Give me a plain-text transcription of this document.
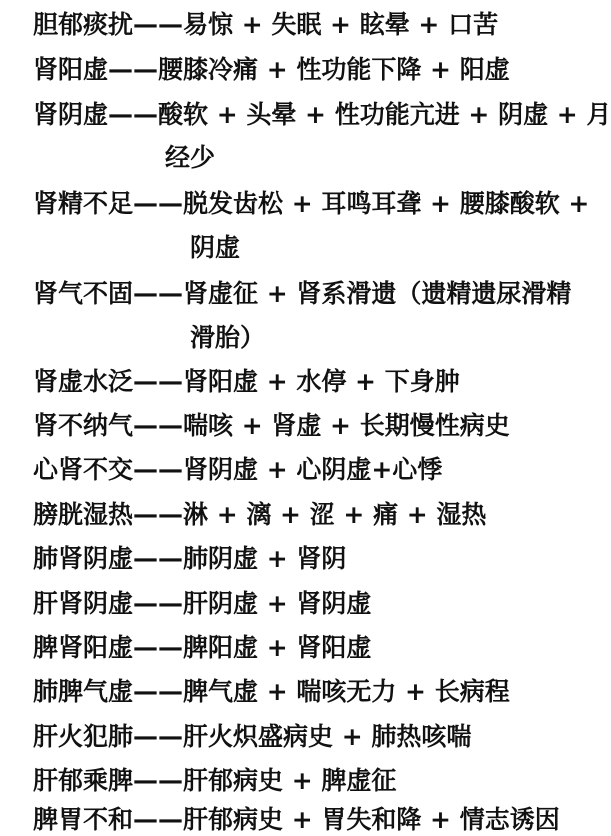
胆郁痰扰——易惊 + 失眠 + 眩晕 + 口苦
肾阳虚——腰膝冷痛 + 性功能下降 + 阳虚
肾阴虚——酸软 + 头晕 + 性功能亢进 + 阴虚 + 月
经少
肾精不足——脱发齿松 + 耳鸣耳聋 + 腰膝酸软 +
阴虚
肾气不固——肾虚征 + 肾系滑遗（遗精遗尿滑精
滑胎）
肾虚水泛——肾阳虚 + 水停 + 下身肿
肾不纳气——喘咳 + 肾虚 + 长期慢性病史
心肾不交——肾阴虚 + 心阴虚+心悸
膀胱湿热——淋 + 漓 + 涩 + 痛 + 湿热
肺肾阴虚——肺阴虚 + 肾阴
肝肾阴虚——肝阴虚 + 肾阴虚
脾肾阳虚——脾阳虚 + 肾阳虚
肺脾气虚——脾气虚 + 喘咳无力 + 长病程
肝火犯肺——肝火炽盛病史 + 肺热咳喘
肝郁乘脾——肝郁病史 + 脾虚征
脾胃不和——肝郁病史 + 胃失和降 + 情志诱因
